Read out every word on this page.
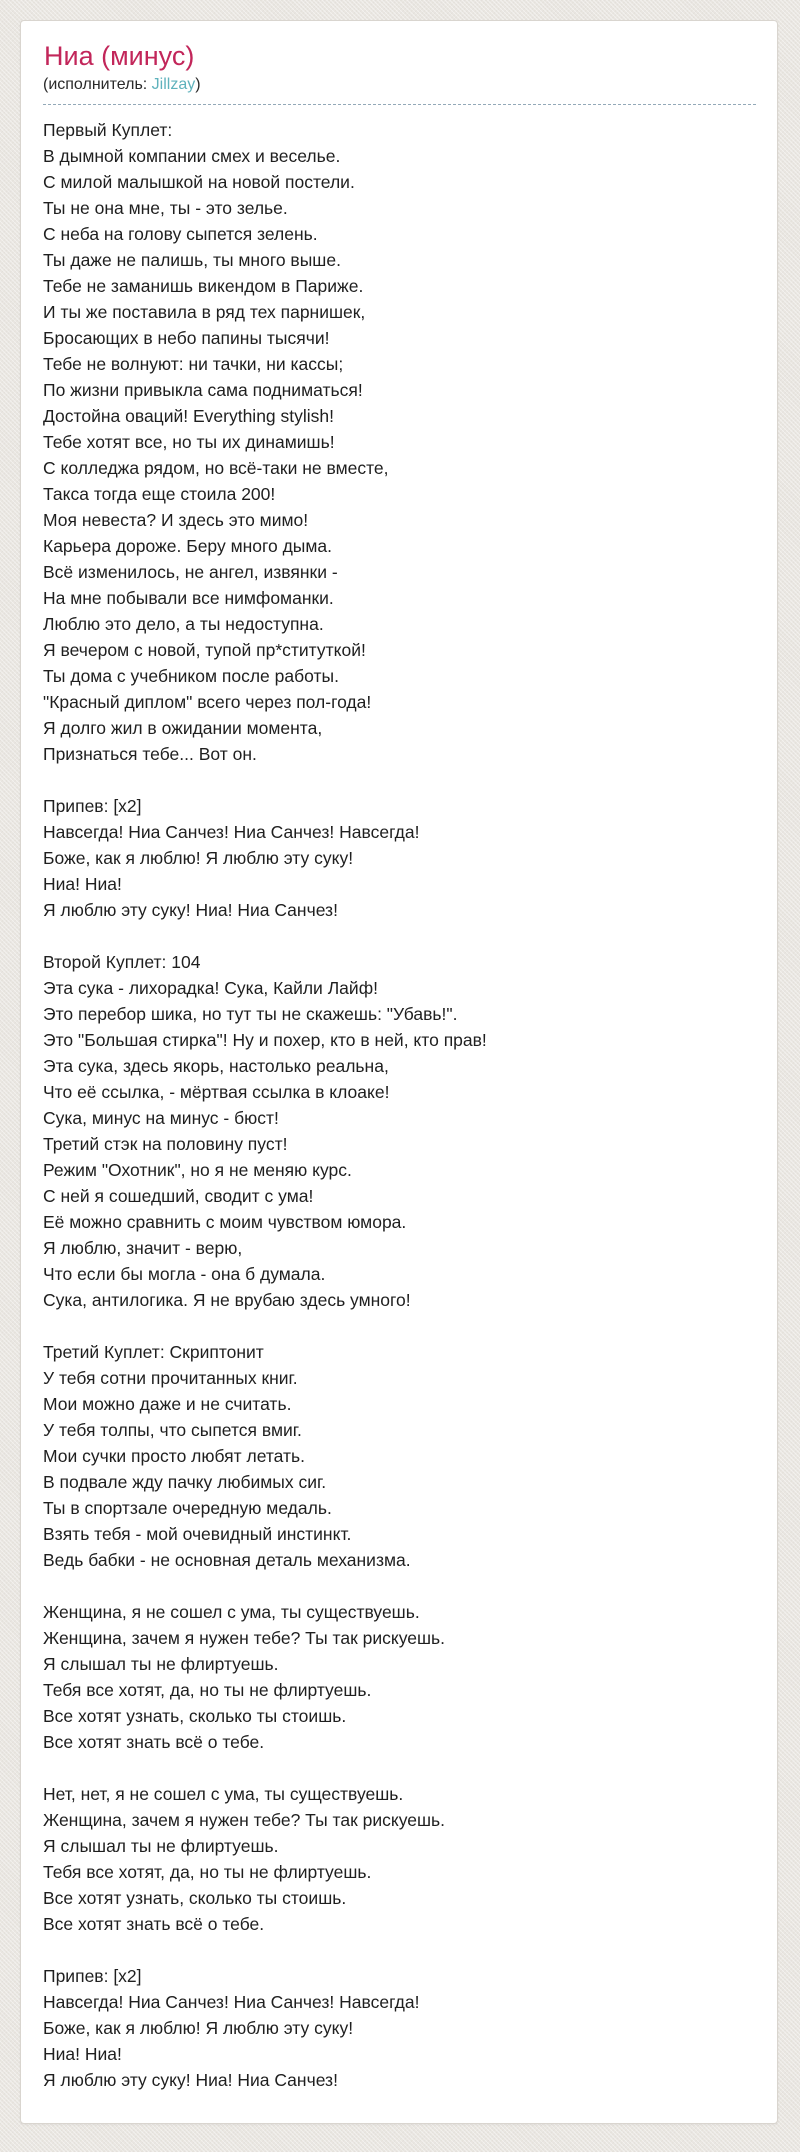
Ниа (минус)
(исполнитель: Jillzay)
Первый Куплет:
В дымной компании смех и веселье.
С милой малышкой на новой постели.
Ты не она мне, ты - это зелье.
С неба на голову сыпется зелень.
Ты даже не палишь, ты много выше.
Тебе не заманишь викендом в Париже.
И ты же поставила в ряд тех парнишек,
Бросающих в небо папины тысячи!
Тебе не волнуют: ни тачки, ни кассы;
По жизни привыкла сама подниматься!
Достойна оваций! Everything stylish!
Тебе хотят все, но ты их динамишь!
С колледжа рядом, но всё-таки не вместе,
Такса тогда еще стоила 200!
Моя невеста? И здесь это мимо!
Карьера дороже. Беру много дыма.
Всё изменилось, не ангел, извянки -
На мне побывали все нимфоманки.
Люблю это дело, а ты недоступна.
Я вечером с новой, тупой пр*ституткой!
Ты дома с учебником после работы.
"Красный диплом" всего через пол-года!
Я долго жил в ожидании момента,
Признаться тебе... Вот он.
Припев: [x2]
Навсегда! Ниа Санчез! Ниа Санчез! Навсегда!
Боже, как я люблю! Я люблю эту суку!
Ниа! Ниа!
Я люблю эту суку! Ниа! Ниа Санчез!
Второй Куплет: 104
Эта сука - лихорадка! Сука, Кайли Лайф!
Это перебор шика, но тут ты не скажешь: "Убавь!".
Это "Большая стирка"! Ну и похер, кто в ней, кто прав!
Эта сука, здесь якорь, настолько реальна,
Что её ссылка, - мёртвая ссылка в клоаке!
Сука, минус на минус - бюст!
Третий стэк на половину пуст!
Режим "Охотник", но я не меняю курс.
С ней я сошедший, сводит с ума!
Её можно сравнить с моим чувством юмора.
Я люблю, значит - верю,
Что если бы могла - она б думала.
Сука, антилогика. Я не врубаю здесь умного!
Третий Куплет: Скриптонит
У тебя сотни прочитанных книг.
Мои можно даже и не считать.
У тебя толпы, что сыпется вмиг.
Мои сучки просто любят летать.
В подвале жду пачку любимых сиг.
Ты в спортзале очередную медаль.
Взять тебя - мой очевидный инстинкт.
Ведь бабки - не основная деталь механизма.
Женщина, я не сошел с ума, ты существуешь.
Женщина, зачем я нужен тебе? Ты так рискуешь.
Я слышал ты не флиртуешь.
Тебя все хотят, да, но ты не флиртуешь.
Все хотят узнать, сколько ты стоишь.
Все хотят знать всё о тебе.
Нет, нет, я не сошел с ума, ты существуешь.
Женщина, зачем я нужен тебе? Ты так рискуешь.
Я слышал ты не флиртуешь.
Тебя все хотят, да, но ты не флиртуешь.
Все хотят узнать, сколько ты стоишь.
Все хотят знать всё о тебе.
Припев: [x2]
Навсегда! Ниа Санчез! Ниа Санчез! Навсегда!
Боже, как я люблю! Я люблю эту суку!
Ниа! Ниа!
Я люблю эту суку! Ниа! Ниа Санчез!
